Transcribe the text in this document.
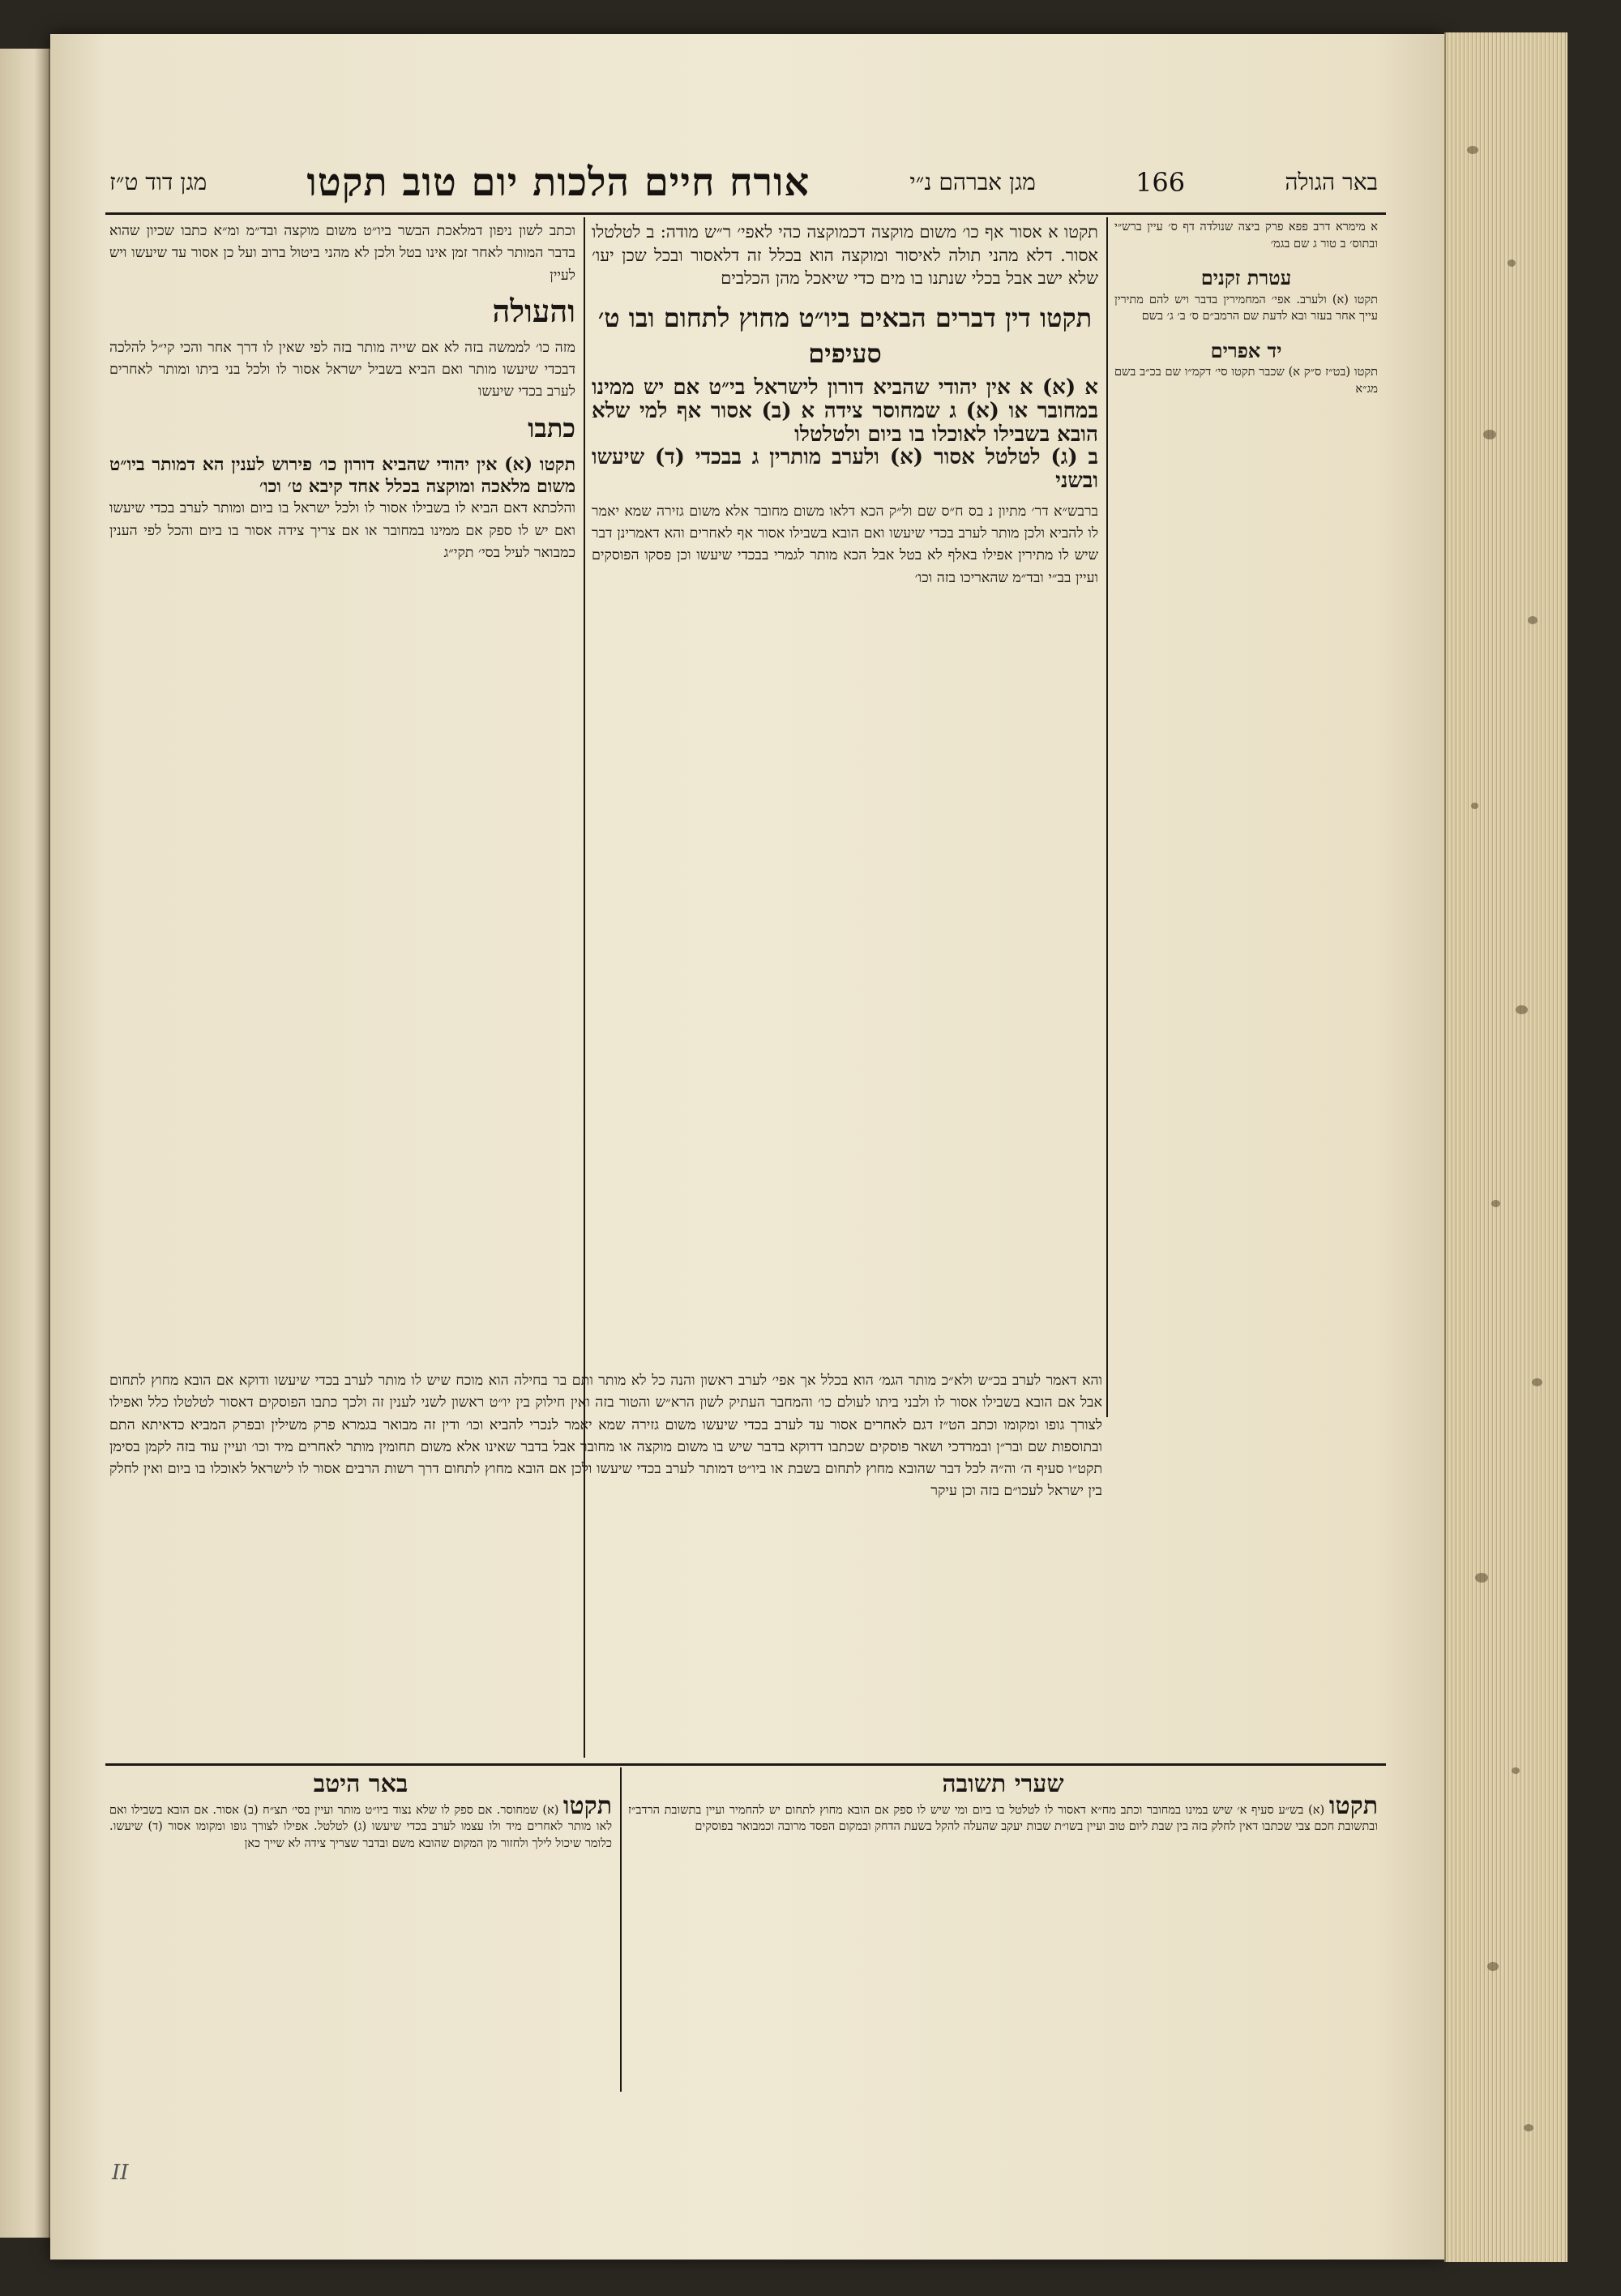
באר הגולה
166
מגן אברהם נ״י
אורח חיים הלכות יום טוב תקטו
מגן דוד ט״ז

א מימרא דרב פפא פרק ביצה שנולדה דף ס׳ עיין ברש״י ובתוס׳ ב טור ג שם בגמ׳

עטרת זקנים

תקטו (א) ולערב. אפי׳ המחמירין בדבר ויש להם מתירין עייך אחר בעזר ובא לדעת שם הרמב״ם ס׳ ב׳ ג׳ בשם

יד אפרים

תקטו (בט״ז ס״ק א) שכבר תקטו סי׳ דקמ״ו שם בכ״ב בשם מג״א

תקטו א אסור אף כו׳ משום מוקצה דכמוקצה כהי לאפי׳ ר״ש מודה: ב לטלטלו אסור. דלא מהני תולה לאיסור ומוקצה הוא בכלל זה דלאסור ובכל שכן יעו׳ שלא ישב אבל בכלי שנתנו בו מים כדי שיאכל מהן הכלבים

תקטו דין דברים הבאים ביו״ט מחוץ לתחום ובו ט׳ סעיפים

א (א) א אין יהודי שהביא דורון לישראל בי״ט אם יש ממינו במחובר או (א) ג שמחוסר צידה א (ב) אסור אף למי שלא הובא בשבילו לאוכלו בו ביום ולטלטלו

ב (ג) לטלטל אסור (א) ולערב מותרין ג בבכדי (ד) שיעשו ובשני

ברבש״א דר׳ מתיון נ בס ח״ס שם ול״ק הכא דלאו משום מחובר אלא משום גזירה שמא יאמר לו להביא ולכן מותר לערב בכדי שיעשו ואם הובא בשבילו אסור אף לאחרים והא דאמרינן דבר שיש לו מתירין אפילו באלף לא בטל אבל הכא מותר לגמרי בבכדי שיעשו וכן פסקו הפוסקים ועיין בב״י ובד״מ שהאריכו בזה וכו׳

וכתב לשון ניפון דמלאכת הבשר ביו״ט משום מוקצה ובד״מ ומ״א כתבו שכיון שהוא בדבר המותר לאחר זמן אינו בטל ולכן לא מהני ביטול ברוב ועל כן אסור עד שיעשו ויש לעיין

והעולה

מזה כו׳ לממשה בזה לא אם שייה מותר בזה לפי שאין לו דרך אחר והכי קי״ל להלכה דבכדי שיעשו מותר ואם הביא בשביל ישראל אסור לו ולכל בני ביתו ומותר לאחרים לערב בכדי שיעשו

כתבו

תקטו (א) אין יהודי שהביא דורון כו׳ פירוש לענין הא דמותר ביו״ט משום מלאכה ומוקצה בכלל אחד קיבא ט׳ וכו׳

והלכתא דאם הביא לו בשבילו אסור לו ולכל ישראל בו ביום ומותר לערב בכדי שיעשו ואם יש לו ספק אם ממינו במחובר או אם צריך צידה אסור בו ביום והכל לפי הענין כמבואר לעיל בסי׳ תקי״ג

והא דאמר לערב בכ״ש ולא״כ מותר הגמ׳ הוא בכלל אך אפי׳ לערב ראשון והנה כל לא מותר ותם בר בחילה הוא מוכח שיש לו מותר לערב בכדי שיעשו ודוקא אם הובא מחוץ לתחום אבל אם הובא בשבילו אסור לו ולבני ביתו לעולם כו׳ והמחבר העתיק לשון הרא״ש והטור בזה ואין חילוק בין יו״ט ראשון לשני לענין זה ולכך כתבו הפוסקים דאסור לטלטלו כלל ואפילו לצורך גופו ומקומו וכתב הט״ז דגם לאחרים אסור עד לערב בכדי שיעשו משום גזירה שמא יאמר לנכרי להביא וכו׳ ודין זה מבואר בגמרא פרק משילין ובפרק המביא כדאיתא התם ובתוספות שם ובר״ן ובמרדכי ושאר פוסקים שכתבו דדוקא בדבר שיש בו משום מוקצה או מחובר אבל בדבר שאינו אלא משום תחומין מותר לאחרים מיד וכו׳ ועיין עוד בזה לקמן בסימן תקט״ו סעיף ה׳ וה״ה לכל דבר שהובא מחוץ לתחום בשבת או ביו״ט דמותר לערב בכדי שיעשו ולכן אם הובא מחוץ לתחום דרך רשות הרבים אסור לו לישראל לאוכלו בו ביום ואין לחלק בין ישראל לעכו״ם בזה וכן עיקר

שערי תשובה

תקטו (א) בש״ע סעיף א׳ שיש במינו במחובר וכתב מח״א דאסור לו לטלטל בו ביום ומי שיש לו ספק אם הובא מחוץ לתחום יש להחמיר ועיין בתשובת הרדב״ז ובתשובת חכם צבי שכתבו דאין לחלק בזה בין שבת ליום טוב ועיין בשו״ת שבות יעקב שהעלה להקל בשעת הדחק ובמקום הפסד מרובה וכמבואר בפוסקים

באר היטב

תקטו (א) שמחוסר. אם ספק לו שלא נצוד ביו״ט מותר ועיין בסי׳ תצ״ח (ב) אסור. אם הובא בשבילו ואם לאו מותר לאחרים מיד ולו עצמו לערב בכדי שיעשו (ג) לטלטל. אפילו לצורך גופו ומקומו אסור (ד) שיעשו. כלומר שיכול לילך ולחזור מן המקום שהובא משם ובדבר שצריך צידה לא שייך כאן

II
